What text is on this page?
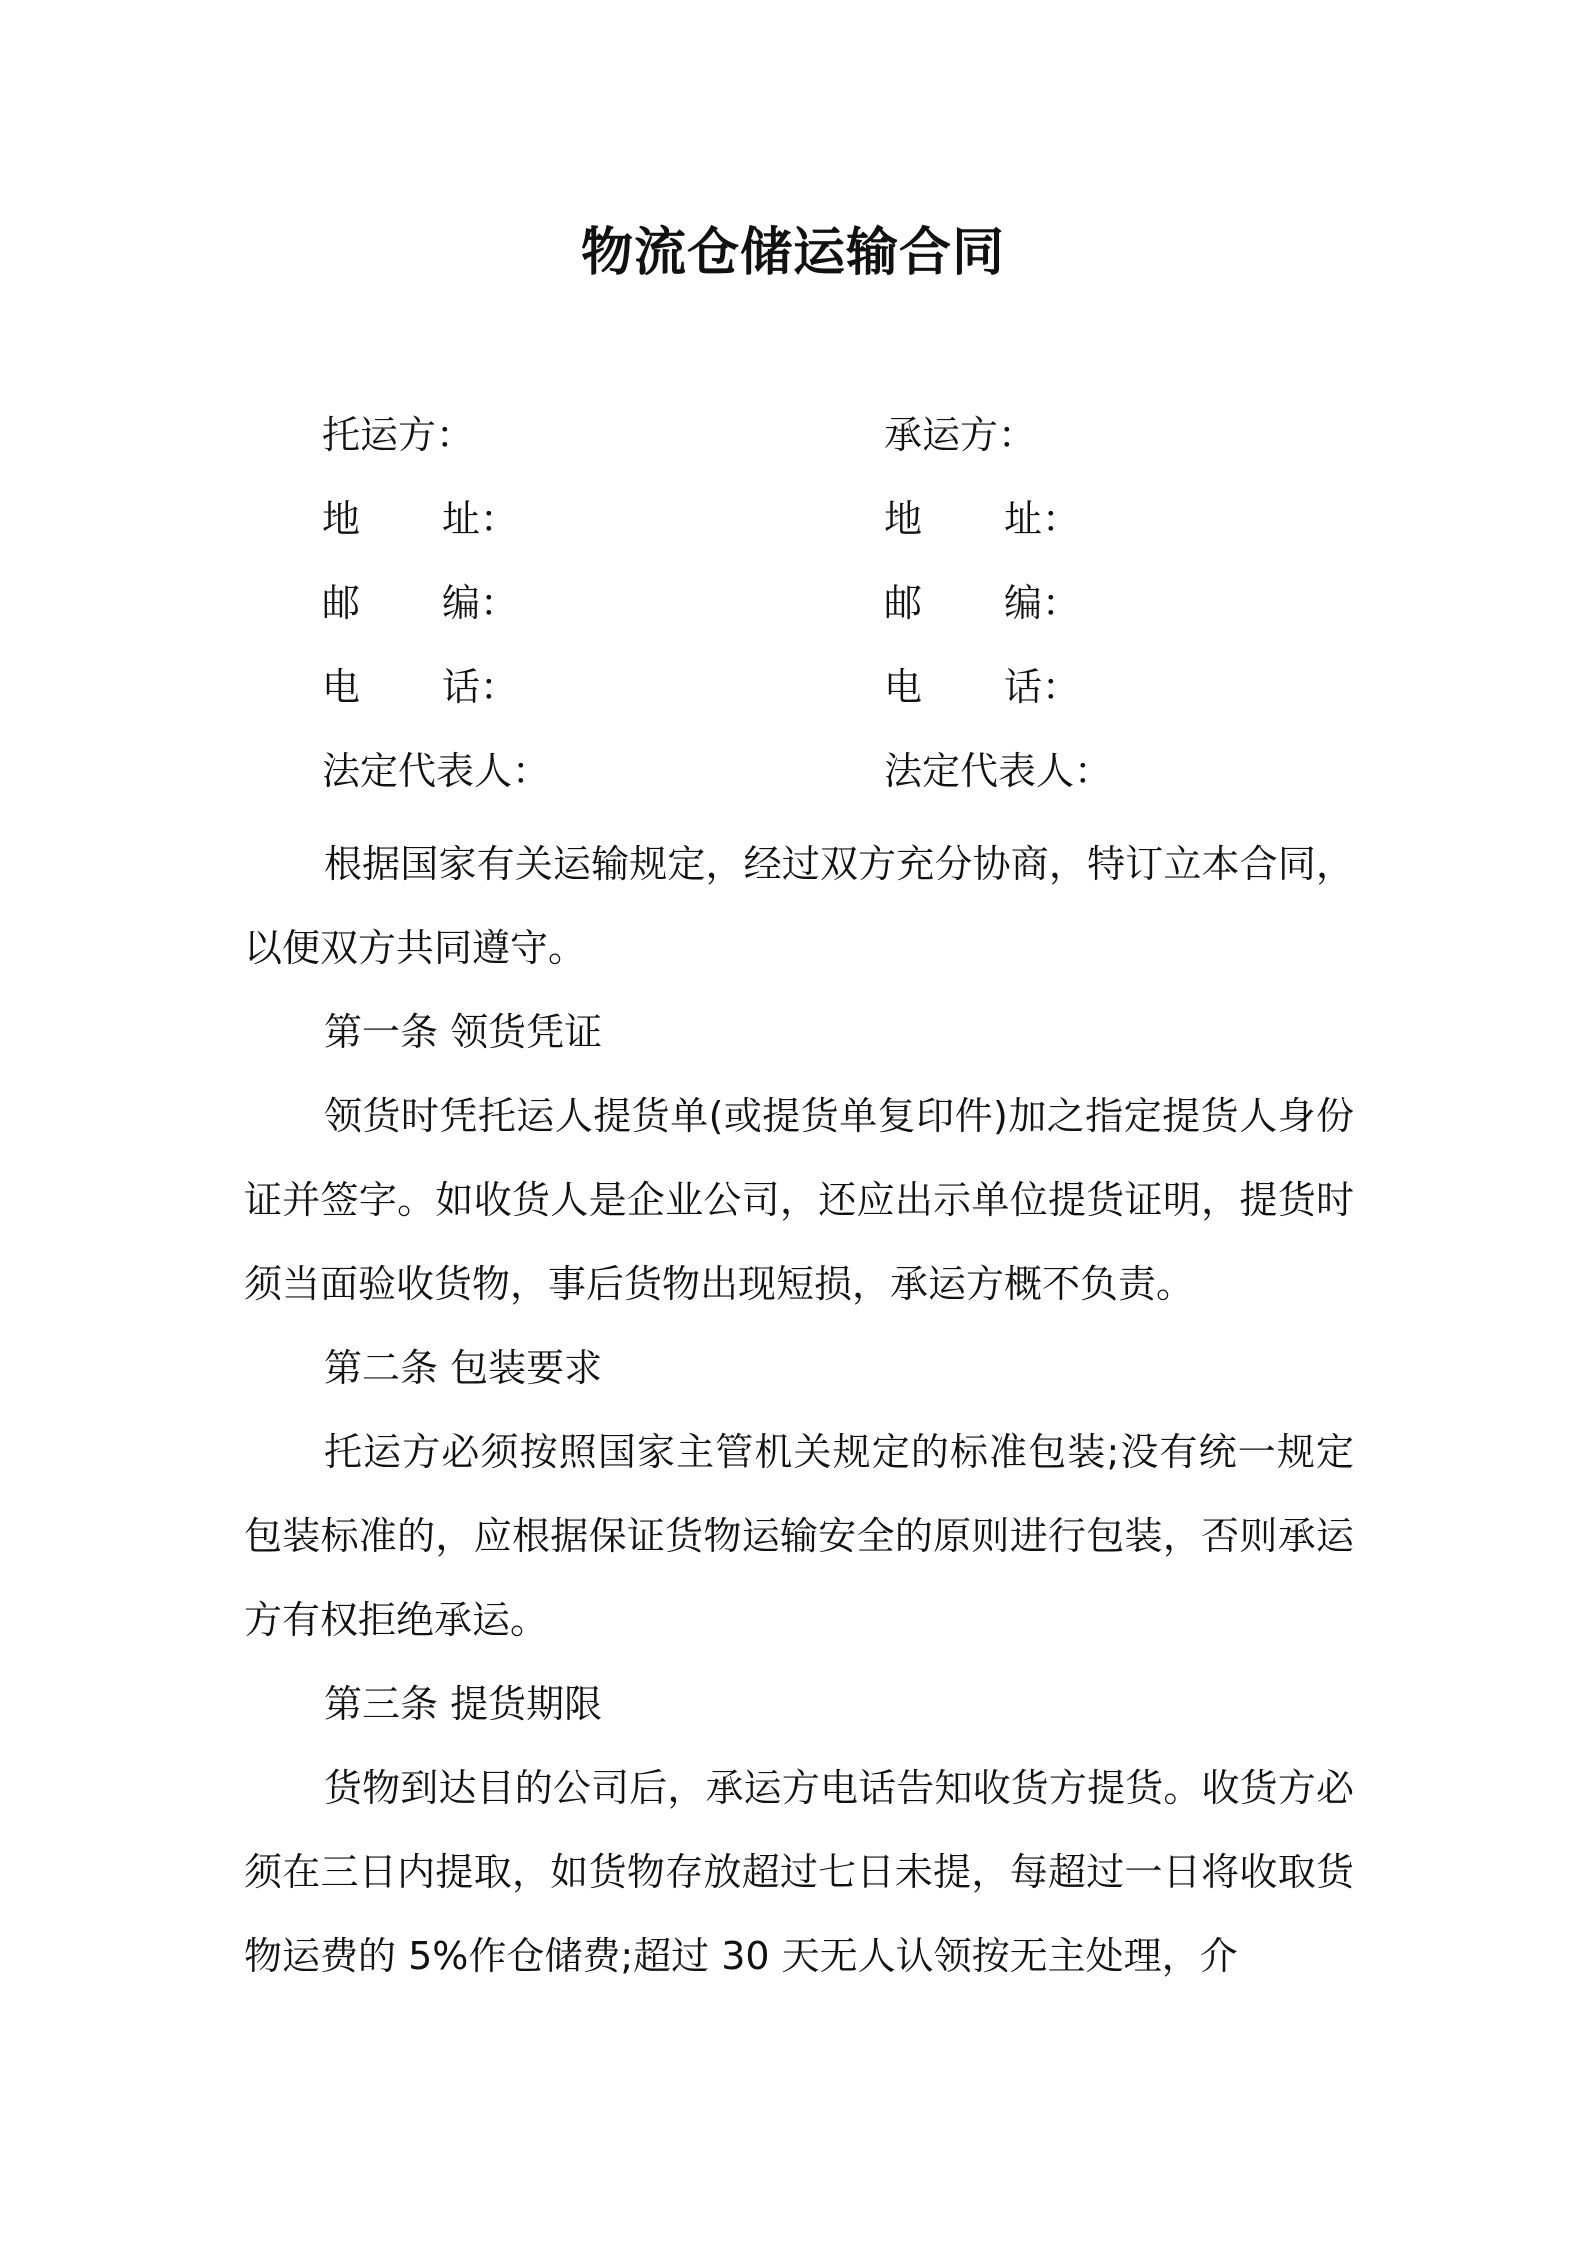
物流仓储运输合同
托运方：
地 址：
邮 编：
电 话：
法定代表人：
承运方：
地 址：
邮 编：
电 话：
法定代表人：

根据国家有关运输规定，经过双方充分协商，特订立本合同，以便双方共同遵守。

第一条 领货凭证

领货时凭托运人提货单(或提货单复印件)加之指定提货人身份证并签字。如收货人是企业公司，还应出示单位提货证明，提货时须当面验收货物，事后货物出现短损，承运方概不负责。

第二条 包装要求

托运方必须按照国家主管机关规定的标准包装;没有统一规定包装标准的，应根据保证货物运输安全的原则进行包装，否则承运方有权拒绝承运。

第三条 提货期限

货物到达目的公司后，承运方电话告知收货方提货。收货方必须在三日内提取，如货物存放超过七日未提，每超过一日将收取货物运费的 5%作仓储费;超过 30 天无人认领按无主处理，介
